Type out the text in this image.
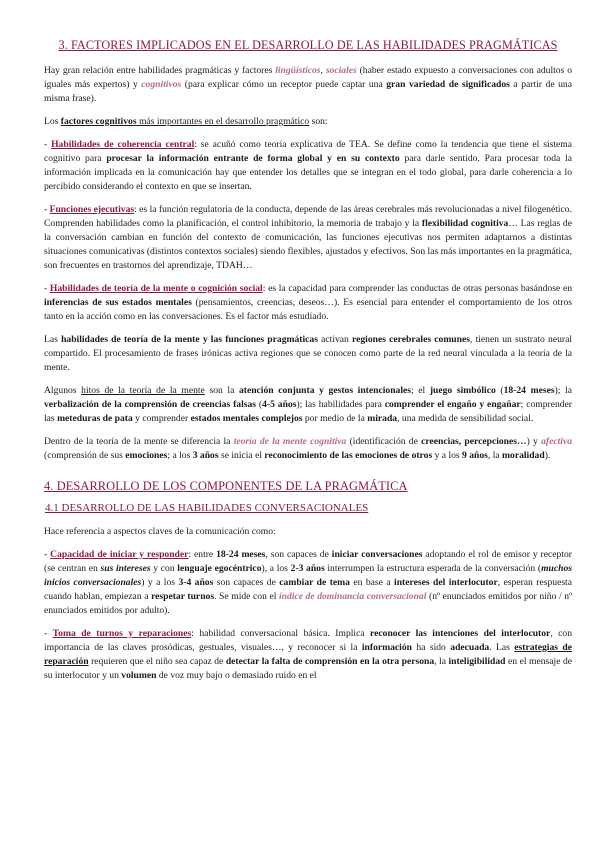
3. FACTORES IMPLICADOS EN EL DESARROLLO DE LAS HABILIDADES PRAGMÁTICAS

Hay gran relación entre habilidades pragmáticas y factores lingüísticos, sociales (haber estado expuesto a conversaciones con adultos o iguales más expertos) y cognitivos (para explicar cómo un receptor puede captar una gran variedad de significados a partir de una misma frase).

Los factores cognitivos más importantes en el desarrollo pragmático son:

- Habilidades de coherencia central: se acuñó como teoría explicativa de TEA. Se define como la tendencia que tiene el sistema cognitivo para procesar la información entrante de forma global y en su contexto para darle sentido. Para procesar toda la información implicada en la comunicación hay que entender los detalles que se integran en el todo global, para darle coherencia a lo percibido considerando el contexto en que se insertan.

- Funciones ejecutivas: es la función regulatoria de la conducta, depende de las áreas cerebrales más revolucionadas a nivel filogenético. Comprenden habilidades como la planificación, el control inhibitorio, la memoria de trabajo y la flexibilidad cognitiva… Las reglas de la conversación cambian en función del contexto de comunicación, las funciones ejecutivas nos permiten adaptarnos a distintas situaciones comunicativas (distintos contextos sociales) siendo flexibles, ajustados y efectivos. Son las más importantes en la pragmática, son frecuentes en trastornos del aprendizaje, TDAH…

- Habilidades de teoría de la mente o cognición social: es la capacidad para comprender las conductas de otras personas basándose en inferencias de sus estados mentales (pensamientos, creencias, deseos…). Es esencial para entender el comportamiento de los otros tanto en la acción como en las conversaciones. Es el factor más estudiado.

Las habilidades de teoría de la mente y las funciones pragmáticas activan regiones cerebrales comunes, tienen un sustrato neural compartido. El procesamiento de frases irónicas activa regiones que se conocen como parte de la red neural vinculada a la teoría de la mente.

Algunos hitos de la teoría de la mente son la atención conjunta y gestos intencionales; el juego simbólico (18-24 meses); la verbalización de la comprensión de creencias falsas (4-5 años); las habilidades para comprender el engaño y engañar; comprender las meteduras de pata y comprender estados mentales complejos por medio de la mirada, una medida de sensibilidad social.

Dentro de la teoría de la mente se diferencia la teoría de la mente cognitiva (identificación de creencias, percepciones…) y afectiva (comprensión de sus emociones; a los 3 años se inicia el reconocimiento de las emociones de otros y a los 9 años, la moralidad).

4. DESARROLLO DE LOS COMPONENTES DE LA PRAGMÁTICA
4.1 DESARROLLO DE LAS HABILIDADES CONVERSACIONALES

Hace referencia a aspectos claves de la comunicación como:

- Capacidad de iniciar y responder: entre 18-24 meses, son capaces de iniciar conversaciones adoptando el rol de emisor y receptor (se centran en sus intereses y con lenguaje egocéntrico), a los 2-3 años interrumpen la estructura esperada de la conversación (muchos inicios conversacionales) y a los 3-4 años son capaces de cambiar de tema en base a intereses del interlocutor, esperan respuesta cuando hablan, empiezan a respetar turnos. Se mide con el índice de dominancia conversacional (nº enunciados emitidos por niño / nº enunciados emitidos por adulto).

- Toma de turnos y reparaciones: habilidad conversacional básica. Implica reconocer las intenciones del interlocutor, con importancia de las claves prosódicas, gestuales, visuales…, y reconocer si la información ha sido adecuada. Las estrategias de reparación requieren que el niño sea capaz de detectar la falta de comprensión en la otra persona, la inteligibilidad en el mensaje de su interlocutor y un volumen de voz muy bajo o demasiado ruido en el
